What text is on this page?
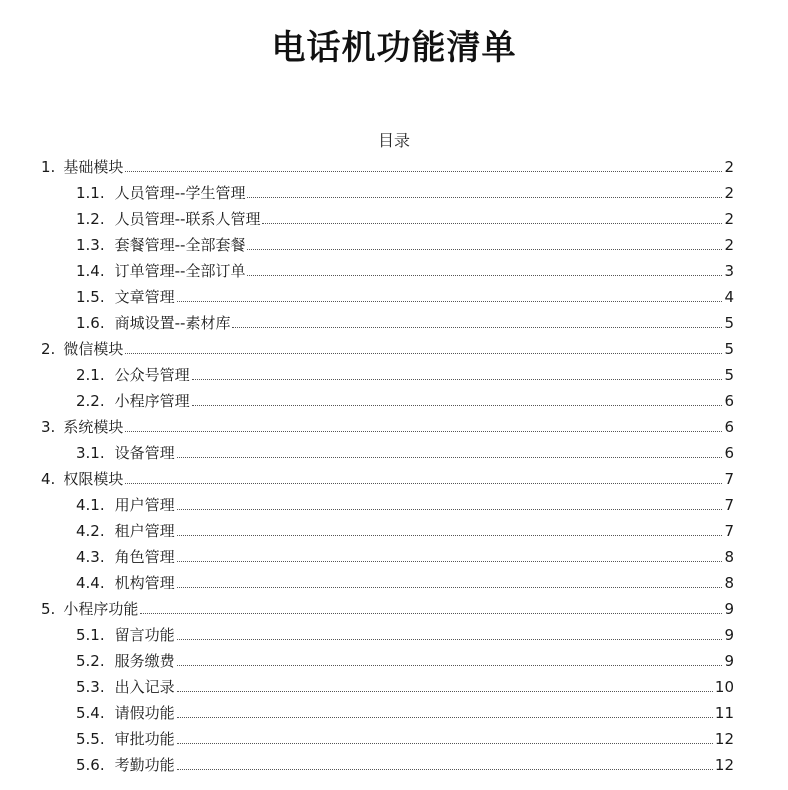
电话机功能清单
目录
1. 基础模块	2
1.1. 人员管理--学生管理	2
1.2. 人员管理--联系人管理	2
1.3. 套餐管理--全部套餐	2
1.4. 订单管理--全部订单	3
1.5. 文章管理	4
1.6. 商城设置--素材库	5
2. 微信模块	5
2.1. 公众号管理	5
2.2. 小程序管理	6
3. 系统模块	6
3.1. 设备管理	6
4. 权限模块	7
4.1. 用户管理	7
4.2. 租户管理	7
4.3. 角色管理	8
4.4. 机构管理	8
5. 小程序功能	9
5.1. 留言功能	9
5.2. 服务缴费	9
5.3. 出入记录	10
5.4. 请假功能	11
5.5. 审批功能	12
5.6. 考勤功能	12
